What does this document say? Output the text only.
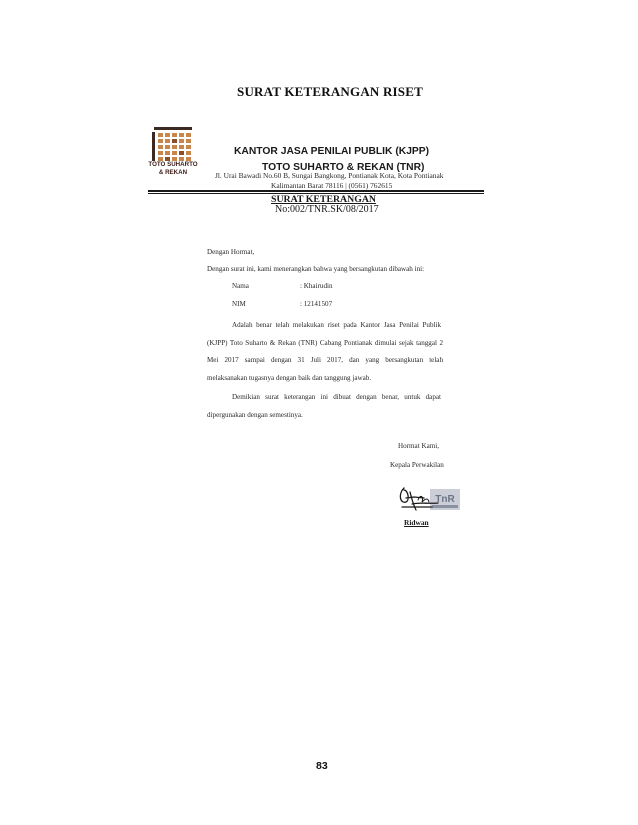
SURAT KETERANGAN RISET
TOTO SUHARTO
& REKAN
KANTOR JASA PENILAI PUBLIK (KJPP)
TOTO SUHARTO & REKAN (TNR)
Jl. Urai Bawadi No.60 B, Sungai Bangkong, Pontianak Kota, Kota Pontianak
Kalimantan Barat 78116 | (0561) 762615
SURAT KETERANGAN
No:002/TNR.SK/08/2017
Dengan Hormat,
Dengan surat ini, kami menerangkan bahwa yang bersangkutan dibawah ini:
Nama	: Khairudin
NIM	: 12141507
Adalah benar telah melakukan riset pada Kantor Jasa Penilai Publik
(KJPP) Toto Suharto & Rekan (TNR) Cabang Pontianak dimulai sejak tanggal 2
Mei 2017 sampai dengan 31 Juli 2017, dan yang bersangkutan telah
melaksanakan tugasnya dengan baik dan tanggung jawab.
Demikian surat keterangan ini dibuat dengan benar, untuk dapat
dipergunakan dengan semestinya.
Hormat Kami,
Kepala Perwakilan
TnR
Ridwan
83
